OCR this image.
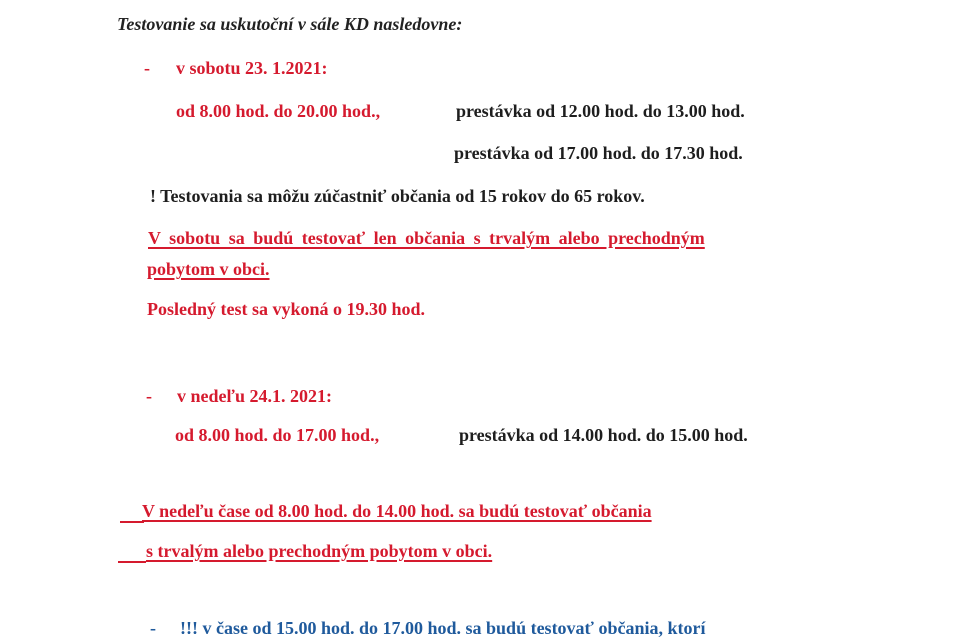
Testovanie sa uskutoční v sále KD nasledovne:
- v sobotu 23. 1.2021:
od 8.00 hod. do 20.00 hod.,	prestávka od 12.00 hod. do 13.00 hod.
prestávka od 17.00 hod. do 17.30 hod.
! Testovania sa môžu zúčastniť občania od 15 rokov do 65 rokov.
V sobotu sa budú testovať len občania s trvalým alebo prechodným
pobytom v obci.
Posledný test sa vykoná o 19.30 hod.
- v nedeľu 24.1. 2021:
od 8.00 hod. do 17.00 hod.,	prestávka od 14.00 hod. do 15.00 hod.
V nedeľu čase od 8.00 hod. do 14.00 hod. sa budú testovať občania
s trvalým alebo prechodným pobytom v obci.
- !!! v čase od 15.00 hod. do 17.00 hod. sa budú testovať občania, ktorí
